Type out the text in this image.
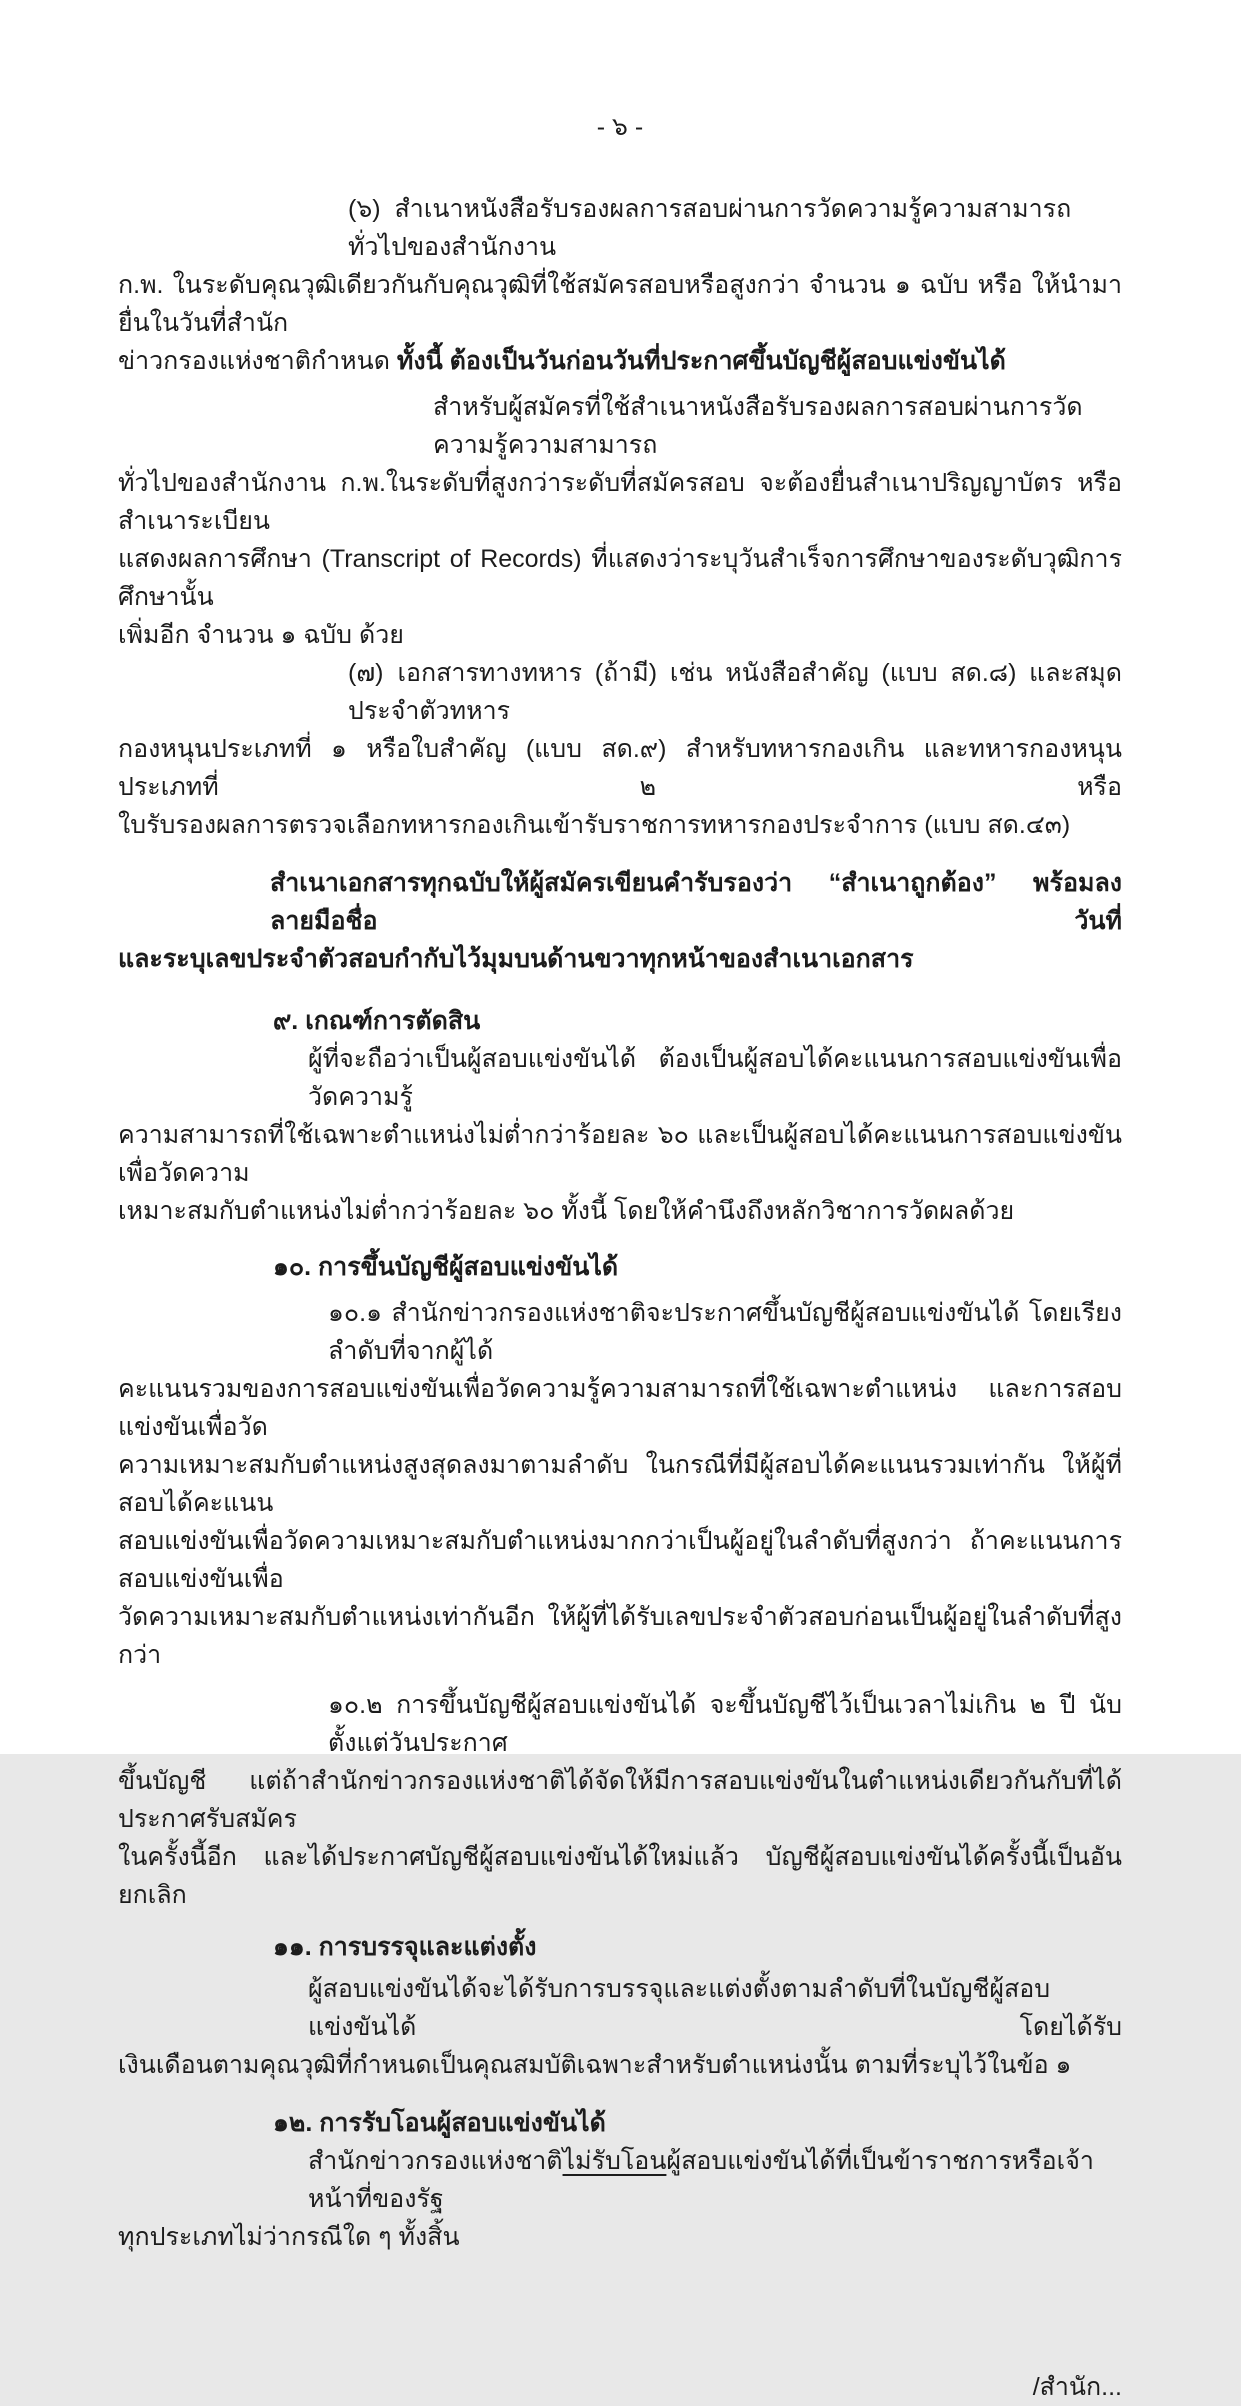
- ๖ -
(๖) สำเนาหนังสือรับรองผลการสอบผ่านการวัดความรู้ความสามารถทั่วไปของสำนักงาน
ก.พ. ในระดับคุณวุฒิเดียวกันกับคุณวุฒิที่ใช้สมัครสอบหรือสูงกว่า จำนวน ๑ ฉบับ หรือ ให้นำมายื่นในวันที่สำนัก
ข่าวกรองแห่งชาติกำหนด ทั้งนี้ ต้องเป็นวันก่อนวันที่ประกาศขึ้นบัญชีผู้สอบแข่งขันได้
สำหรับผู้สมัครที่ใช้สำเนาหนังสือรับรองผลการสอบผ่านการวัดความรู้ความสามารถ
ทั่วไปของสำนักงาน ก.พ.ในระดับที่สูงกว่าระดับที่สมัครสอบ จะต้องยื่นสำเนาปริญญาบัตร หรือสำเนาระเบียน
แสดงผลการศึกษา (Transcript of Records) ที่แสดงว่าระบุวันสำเร็จการศึกษาของระดับวุฒิการศึกษานั้น
เพิ่มอีก จำนวน ๑ ฉบับ ด้วย
(๗) เอกสารทางทหาร (ถ้ามี) เช่น หนังสือสำคัญ (แบบ สด.๘) และสมุดประจำตัวทหาร
กองหนุนประเภทที่ ๑ หรือใบสำคัญ (แบบ สด.๙) สำหรับทหารกองเกิน และทหารกองหนุนประเภทที่ ๒ หรือ
ใบรับรองผลการตรวจเลือกทหารกองเกินเข้ารับราชการทหารกองประจำการ (แบบ สด.๔๓)
สำเนาเอกสารทุกฉบับให้ผู้สมัครเขียนคำรับรองว่า “สำเนาถูกต้อง” พร้อมลงลายมือชื่อ วันที่
และระบุเลขประจำตัวสอบกำกับไว้มุมบนด้านขวาทุกหน้าของสำเนาเอกสาร
๙. เกณฑ์การตัดสิน
ผู้ที่จะถือว่าเป็นผู้สอบแข่งขันได้ ต้องเป็นผู้สอบได้คะแนนการสอบแข่งขันเพื่อวัดความรู้
ความสามารถที่ใช้เฉพาะตำแหน่งไม่ต่ำกว่าร้อยละ ๖๐ และเป็นผู้สอบได้คะแนนการสอบแข่งขันเพื่อวัดความ
เหมาะสมกับตำแหน่งไม่ต่ำกว่าร้อยละ ๖๐ ทั้งนี้ โดยให้คำนึงถึงหลักวิชาการวัดผลด้วย
๑๐. การขึ้นบัญชีผู้สอบแข่งขันได้
๑๐.๑ สำนักข่าวกรองแห่งชาติจะประกาศขึ้นบัญชีผู้สอบแข่งขันได้ โดยเรียงลำดับที่จากผู้ได้
คะแนนรวมของการสอบแข่งขันเพื่อวัดความรู้ความสามารถที่ใช้เฉพาะตำแหน่ง และการสอบแข่งขันเพื่อวัด
ความเหมาะสมกับตำแหน่งสูงสุดลงมาตามลำดับ ในกรณีที่มีผู้สอบได้คะแนนรวมเท่ากัน ให้ผู้ที่สอบได้คะแนน
สอบแข่งขันเพื่อวัดความเหมาะสมกับตำแหน่งมากกว่าเป็นผู้อยู่ในลำดับที่สูงกว่า ถ้าคะแนนการสอบแข่งขันเพื่อ
วัดความเหมาะสมกับตำแหน่งเท่ากันอีก ให้ผู้ที่ได้รับเลขประจำตัวสอบก่อนเป็นผู้อยู่ในลำดับที่สูงกว่า
๑๐.๒ การขึ้นบัญชีผู้สอบแข่งขันได้ จะขึ้นบัญชีไว้เป็นเวลาไม่เกิน ๒ ปี นับตั้งแต่วันประกาศ
ขึ้นบัญชี แต่ถ้าสำนักข่าวกรองแห่งชาติได้จัดให้มีการสอบแข่งขันในตำแหน่งเดียวกันกับที่ได้ประกาศรับสมัคร
ในครั้งนี้อีก และได้ประกาศบัญชีผู้สอบแข่งขันได้ใหม่แล้ว บัญชีผู้สอบแข่งขันได้ครั้งนี้เป็นอันยกเลิก
๑๑. การบรรจุและแต่งตั้ง
ผู้สอบแข่งขันได้จะได้รับการบรรจุและแต่งตั้งตามลำดับที่ในบัญชีผู้สอบแข่งขันได้ โดยได้รับ
เงินเดือนตามคุณวุฒิที่กำหนดเป็นคุณสมบัติเฉพาะสำหรับตำแหน่งนั้น ตามที่ระบุไว้ในข้อ ๑
๑๒. การรับโอนผู้สอบแข่งขันได้
สำนักข่าวกรองแห่งชาติไม่รับโอนผู้สอบแข่งขันได้ที่เป็นข้าราชการหรือเจ้าหน้าที่ของรัฐ
ทุกประเภทไม่ว่ากรณีใด ๆ ทั้งสิ้น
/สำนัก...
